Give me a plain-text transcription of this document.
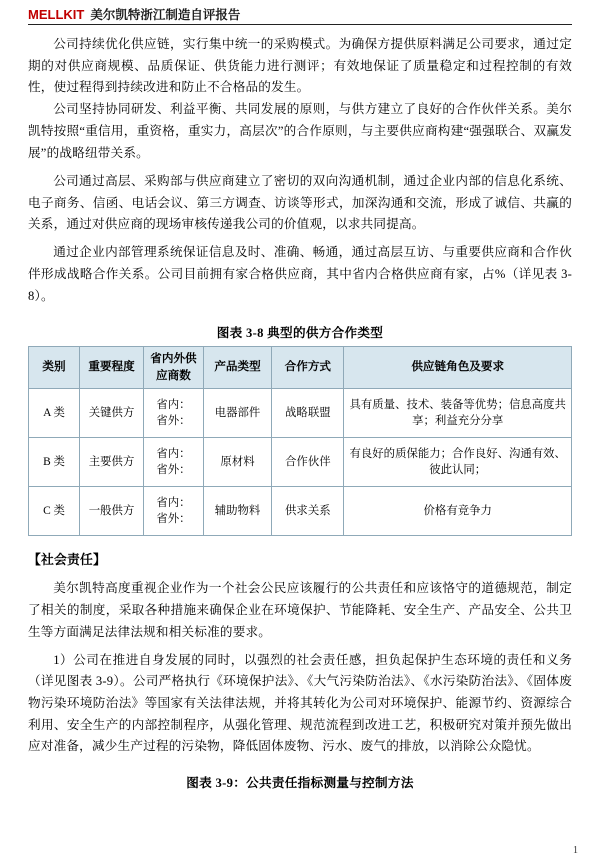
MELLKIT 美尔凯特浙江制造自评报告

公司持续优化供应链，实行集中统一的采购模式。为确保方提供原料满足公司要求，通过定期的对供应商规模、品质保证、供货能力进行测评；有效地保证了质量稳定和过程控制的有效性，使过程得到持续改进和防止不合格品的发生。

公司坚持协同研发、利益平衡、共同发展的原则，与供方建立了良好的合作伙伴关系。美尔凯特按照“重信用，重资格，重实力，高层次”的合作原则，与主要供应商构建“强强联合、双赢发展”的战略纽带关系。

公司通过高层、采购部与供应商建立了密切的双向沟通机制，通过企业内部的信息化系统、电子商务、信函、电话会议、第三方调查、访谈等形式，加深沟通和交流，形成了诚信、共赢的关系，通过对供应商的现场审核传递我公司的价值观，以求共同提高。

通过企业内部管理系统保证信息及时、准确、畅通，通过高层互访、与重要供应商和合作伙伴形成战略合作关系。公司目前拥有家合格供应商，其中省内合格供应商有家，占%（详见表 3-8）。

图表 3-8 典型的供方合作类型
类别	重要程度	省内外供应商数	产品类型	合作方式	供应链角色及要求
A 类	关键供方	省内：
省外：	电器部件	战略联盟	具有质量、技术、装备等优势；信息高度共享；利益充分分享
B 类	主要供方	省内：
省外：	原材料	合作伙伴	有良好的质保能力；合作良好、沟通有效、彼此认同；
C 类	一般供方	省内：
省外：	辅助物料	供求关系	价格有竞争力

【社会责任】

美尔凯特高度重视企业作为一个社会公民应该履行的公共责任和应该恪守的道德规范，制定了相关的制度，采取各种措施来确保企业在环境保护、节能降耗、安全生产、产品安全、公共卫生等方面满足法律法规和相关标准的要求。

1）公司在推进自身发展的同时，以强烈的社会责任感，担负起保护生态环境的责任和义务（详见图表 3-9）。公司严格执行《环境保护法》、《大气污染防治法》、《水污染防治法》、《固体废物污染环境防治法》等国家有关法律法规，并将其转化为公司对环境保护、能源节约、资源综合利用、安全生产的内部控制程序，从强化管理、规范流程到改进工艺，积极研究对策并预先做出应对准备，减少生产过程的污染物，降低固体废物、污水、废气的排放，以消除公众隐忧。

图表 3-9：公共责任指标测量与控制方法
1
